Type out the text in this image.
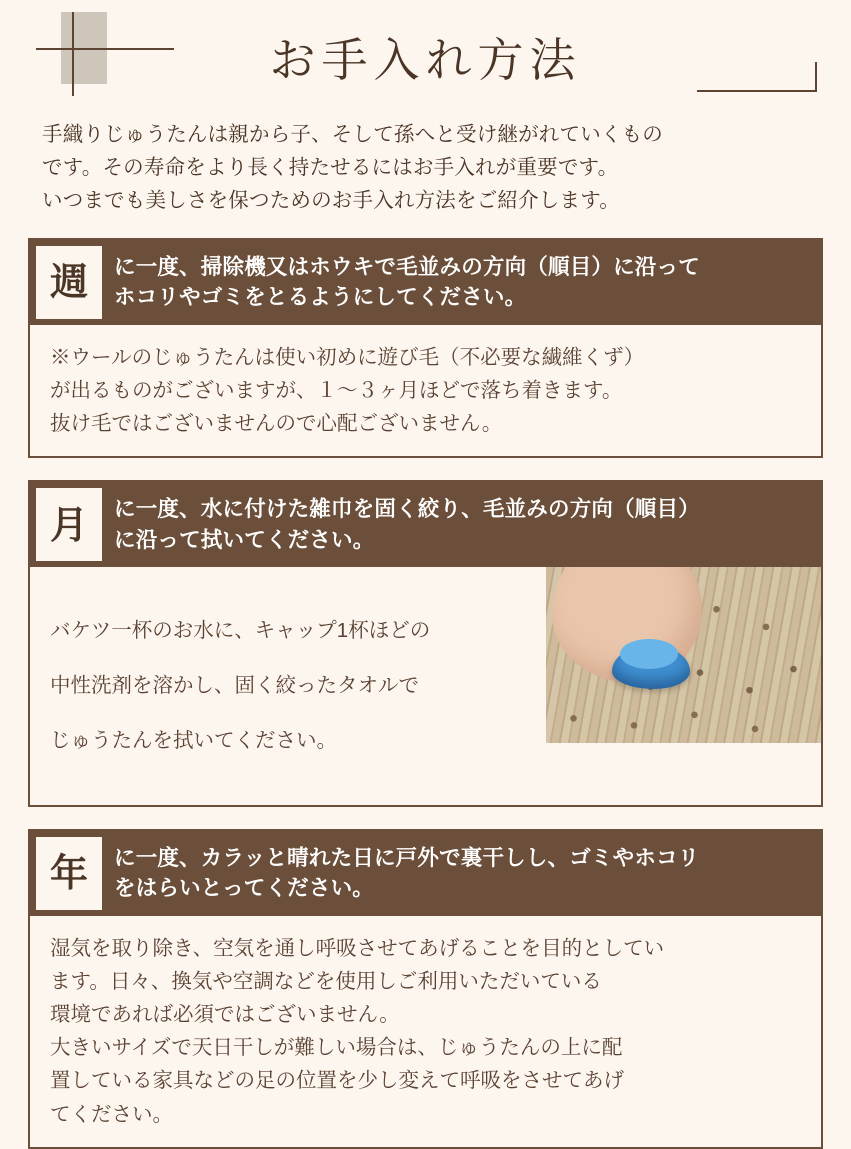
お手入れ方法

手織りじゅうたんは親から子、そして孫へと受け継がれていくもの

です。その寿命をより長く持たせるにはお手入れが重要です。

いつまでも美しさを保つためのお手入れ方法をご紹介します。

週	に一度、掃除機又はホウキで毛並みの方向（順目）に沿って
ホコリやゴミをとるようにしてください。

※ウールのじゅうたんは使い初めに遊び毛（不必要な繊維くず）

が出るものがございますが、１〜３ヶ月ほどで落ち着きます。

抜け毛ではございませんので心配ございません。

月	に一度、水に付けた雑巾を固く絞り、毛並みの方向（順目）
に沿って拭いてください。

バケツ一杯のお水に、キャップ1杯ほどの

中性洗剤を溶かし、固く絞ったタオルで

じゅうたんを拭いてください。

年	に一度、カラッと晴れた日に戸外で裏干しし、ゴミやホコリ
をはらいとってください。

湿気を取り除き、空気を通し呼吸させてあげることを目的としてい

ます。日々、換気や空調などを使用しご利用いただいている

環境であれば必須ではございません。

大きいサイズで天日干しが難しい場合は、じゅうたんの上に配

置している家具などの足の位置を少し変えて呼吸をさせてあげ

てください。
